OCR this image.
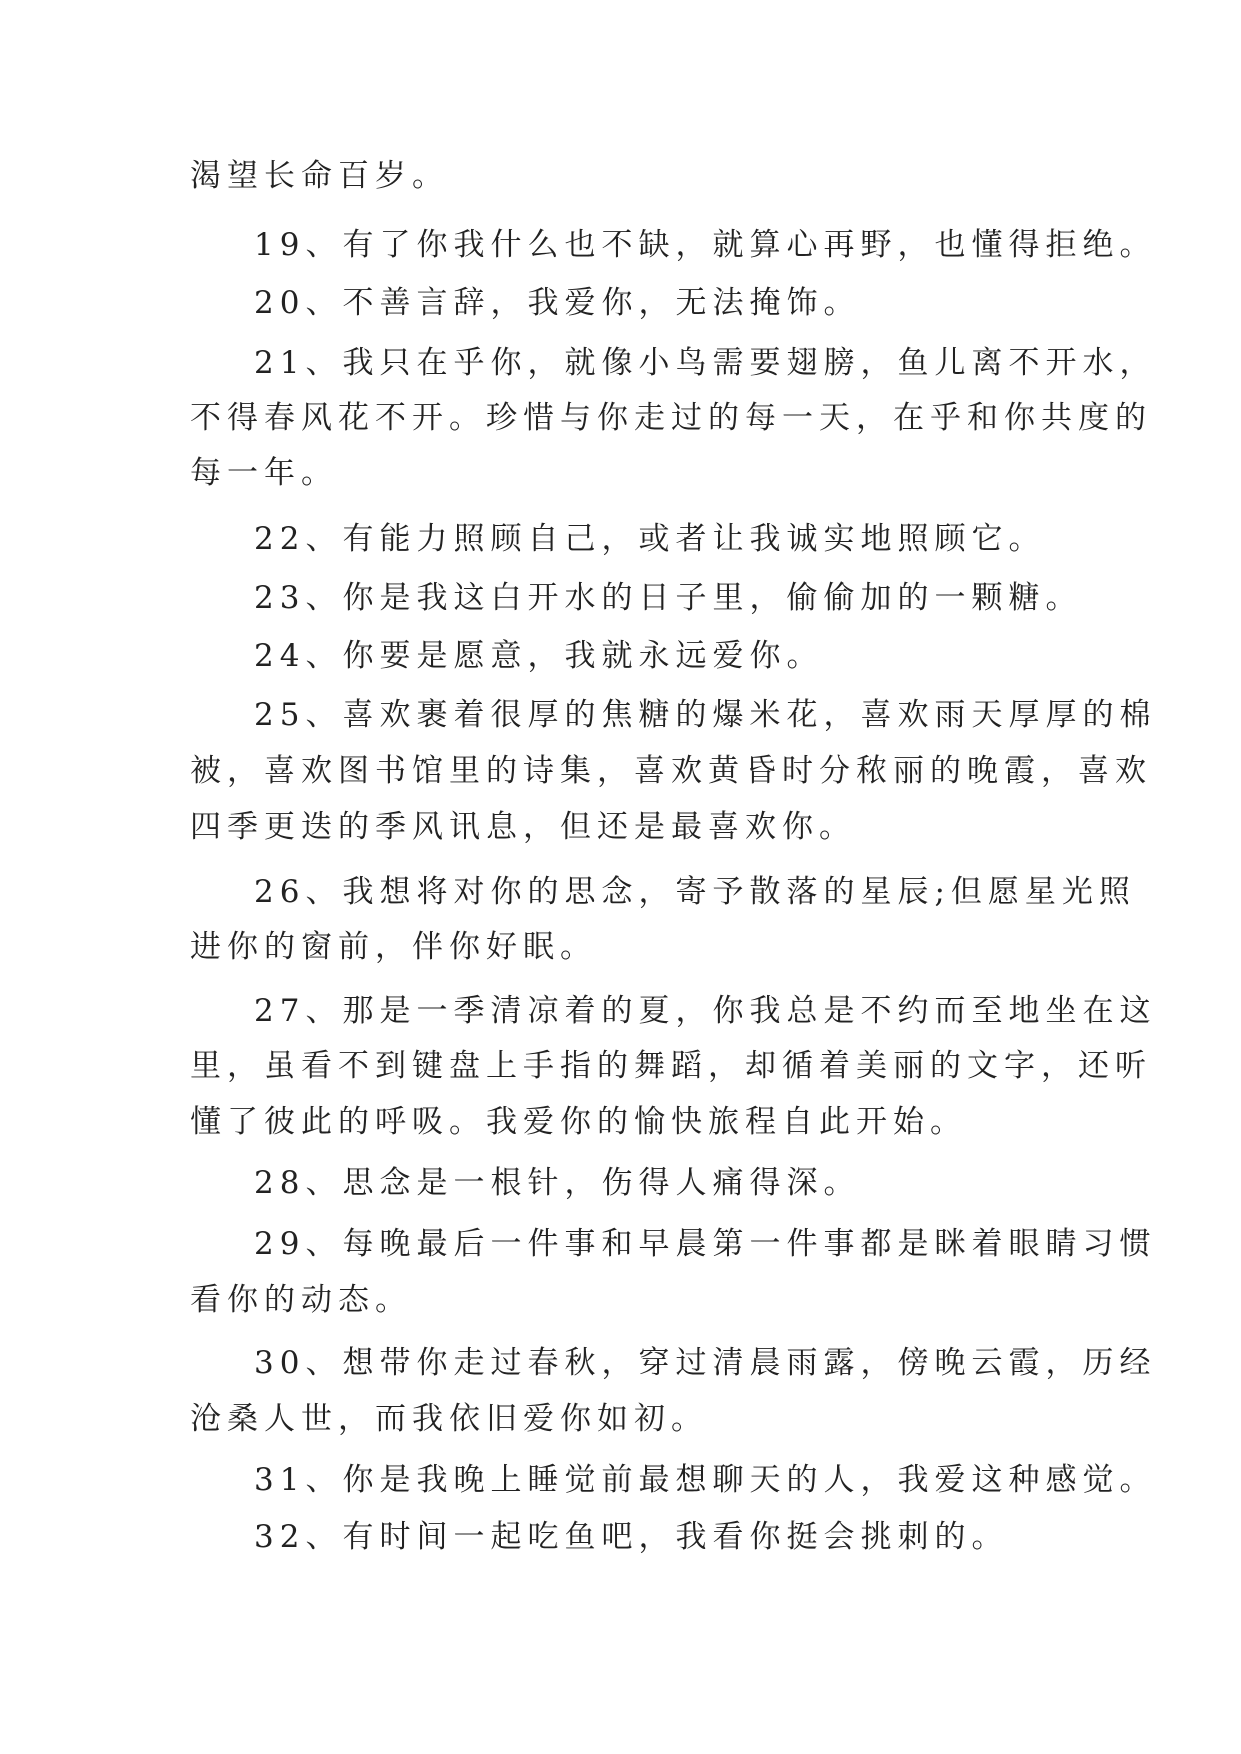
渴望长命百岁。
19、有了你我什么也不缺，就算心再野，也懂得拒绝。
20、不善言辞，我爱你，无法掩饰。
21、我只在乎你，就像小鸟需要翅膀，鱼儿离不开水，
不得春风花不开。珍惜与你走过的每一天，在乎和你共度的
每一年。
22、有能力照顾自己，或者让我诚实地照顾它。
23、你是我这白开水的日子里，偷偷加的一颗糖。
24、你要是愿意，我就永远爱你。
25、喜欢裹着很厚的焦糖的爆米花，喜欢雨天厚厚的棉
被，喜欢图书馆里的诗集，喜欢黄昏时分秾丽的晚霞，喜欢
四季更迭的季风讯息，但还是最喜欢你。
26、我想将对你的思念，寄予散落的星辰;但愿星光照
进你的窗前，伴你好眠。
27、那是一季清凉着的夏，你我总是不约而至地坐在这
里，虽看不到键盘上手指的舞蹈，却循着美丽的文字，还听
懂了彼此的呼吸。我爱你的愉快旅程自此开始。
28、思念是一根针，伤得人痛得深。
29、每晚最后一件事和早晨第一件事都是眯着眼睛习惯
看你的动态。
30、想带你走过春秋，穿过清晨雨露，傍晚云霞，历经
沧桑人世，而我依旧爱你如初。
31、你是我晚上睡觉前最想聊天的人，我爱这种感觉。
32、有时间一起吃鱼吧，我看你挺会挑刺的。
